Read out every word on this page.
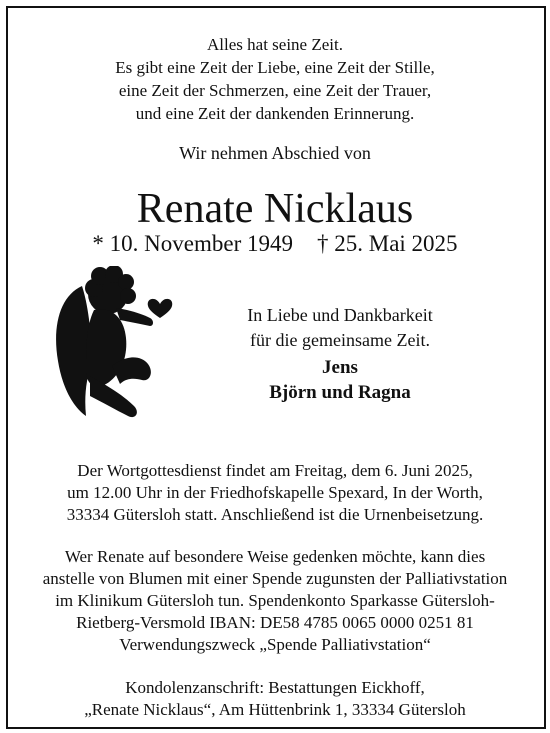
Alles hat seine Zeit.
Es gibt eine Zeit der Liebe, eine Zeit der Stille,
eine Zeit der Schmerzen, eine Zeit der Trauer,
und eine Zeit der dankenden Erinnerung.
Wir nehmen Abschied von
Renate Nicklaus
* 10. November 1949 † 25. Mai 2025
In Liebe und Dankbarkeit
für die gemeinsame Zeit.
Jens
Björn und Ragna
Der Wortgottesdienst findet am Freitag, dem 6. Juni 2025,
um 12.00 Uhr in der Friedhofskapelle Spexard, In der Worth,
33334 Gütersloh statt. Anschließend ist die Urnenbeisetzung.
Wer Renate auf besondere Weise gedenken möchte, kann dies
anstelle von Blumen mit einer Spende zugunsten der Palliativstation
im Klinikum Gütersloh tun. Spendenkonto Sparkasse Gütersloh-
Rietberg-Versmold IBAN: DE58 4785 0065 0000 0251 81
Verwendungszweck „Spende Palliativstation“
Kondolenzanschrift: Bestattungen Eickhoff,
„Renate Nicklaus“, Am Hüttenbrink 1, 33334 Gütersloh
